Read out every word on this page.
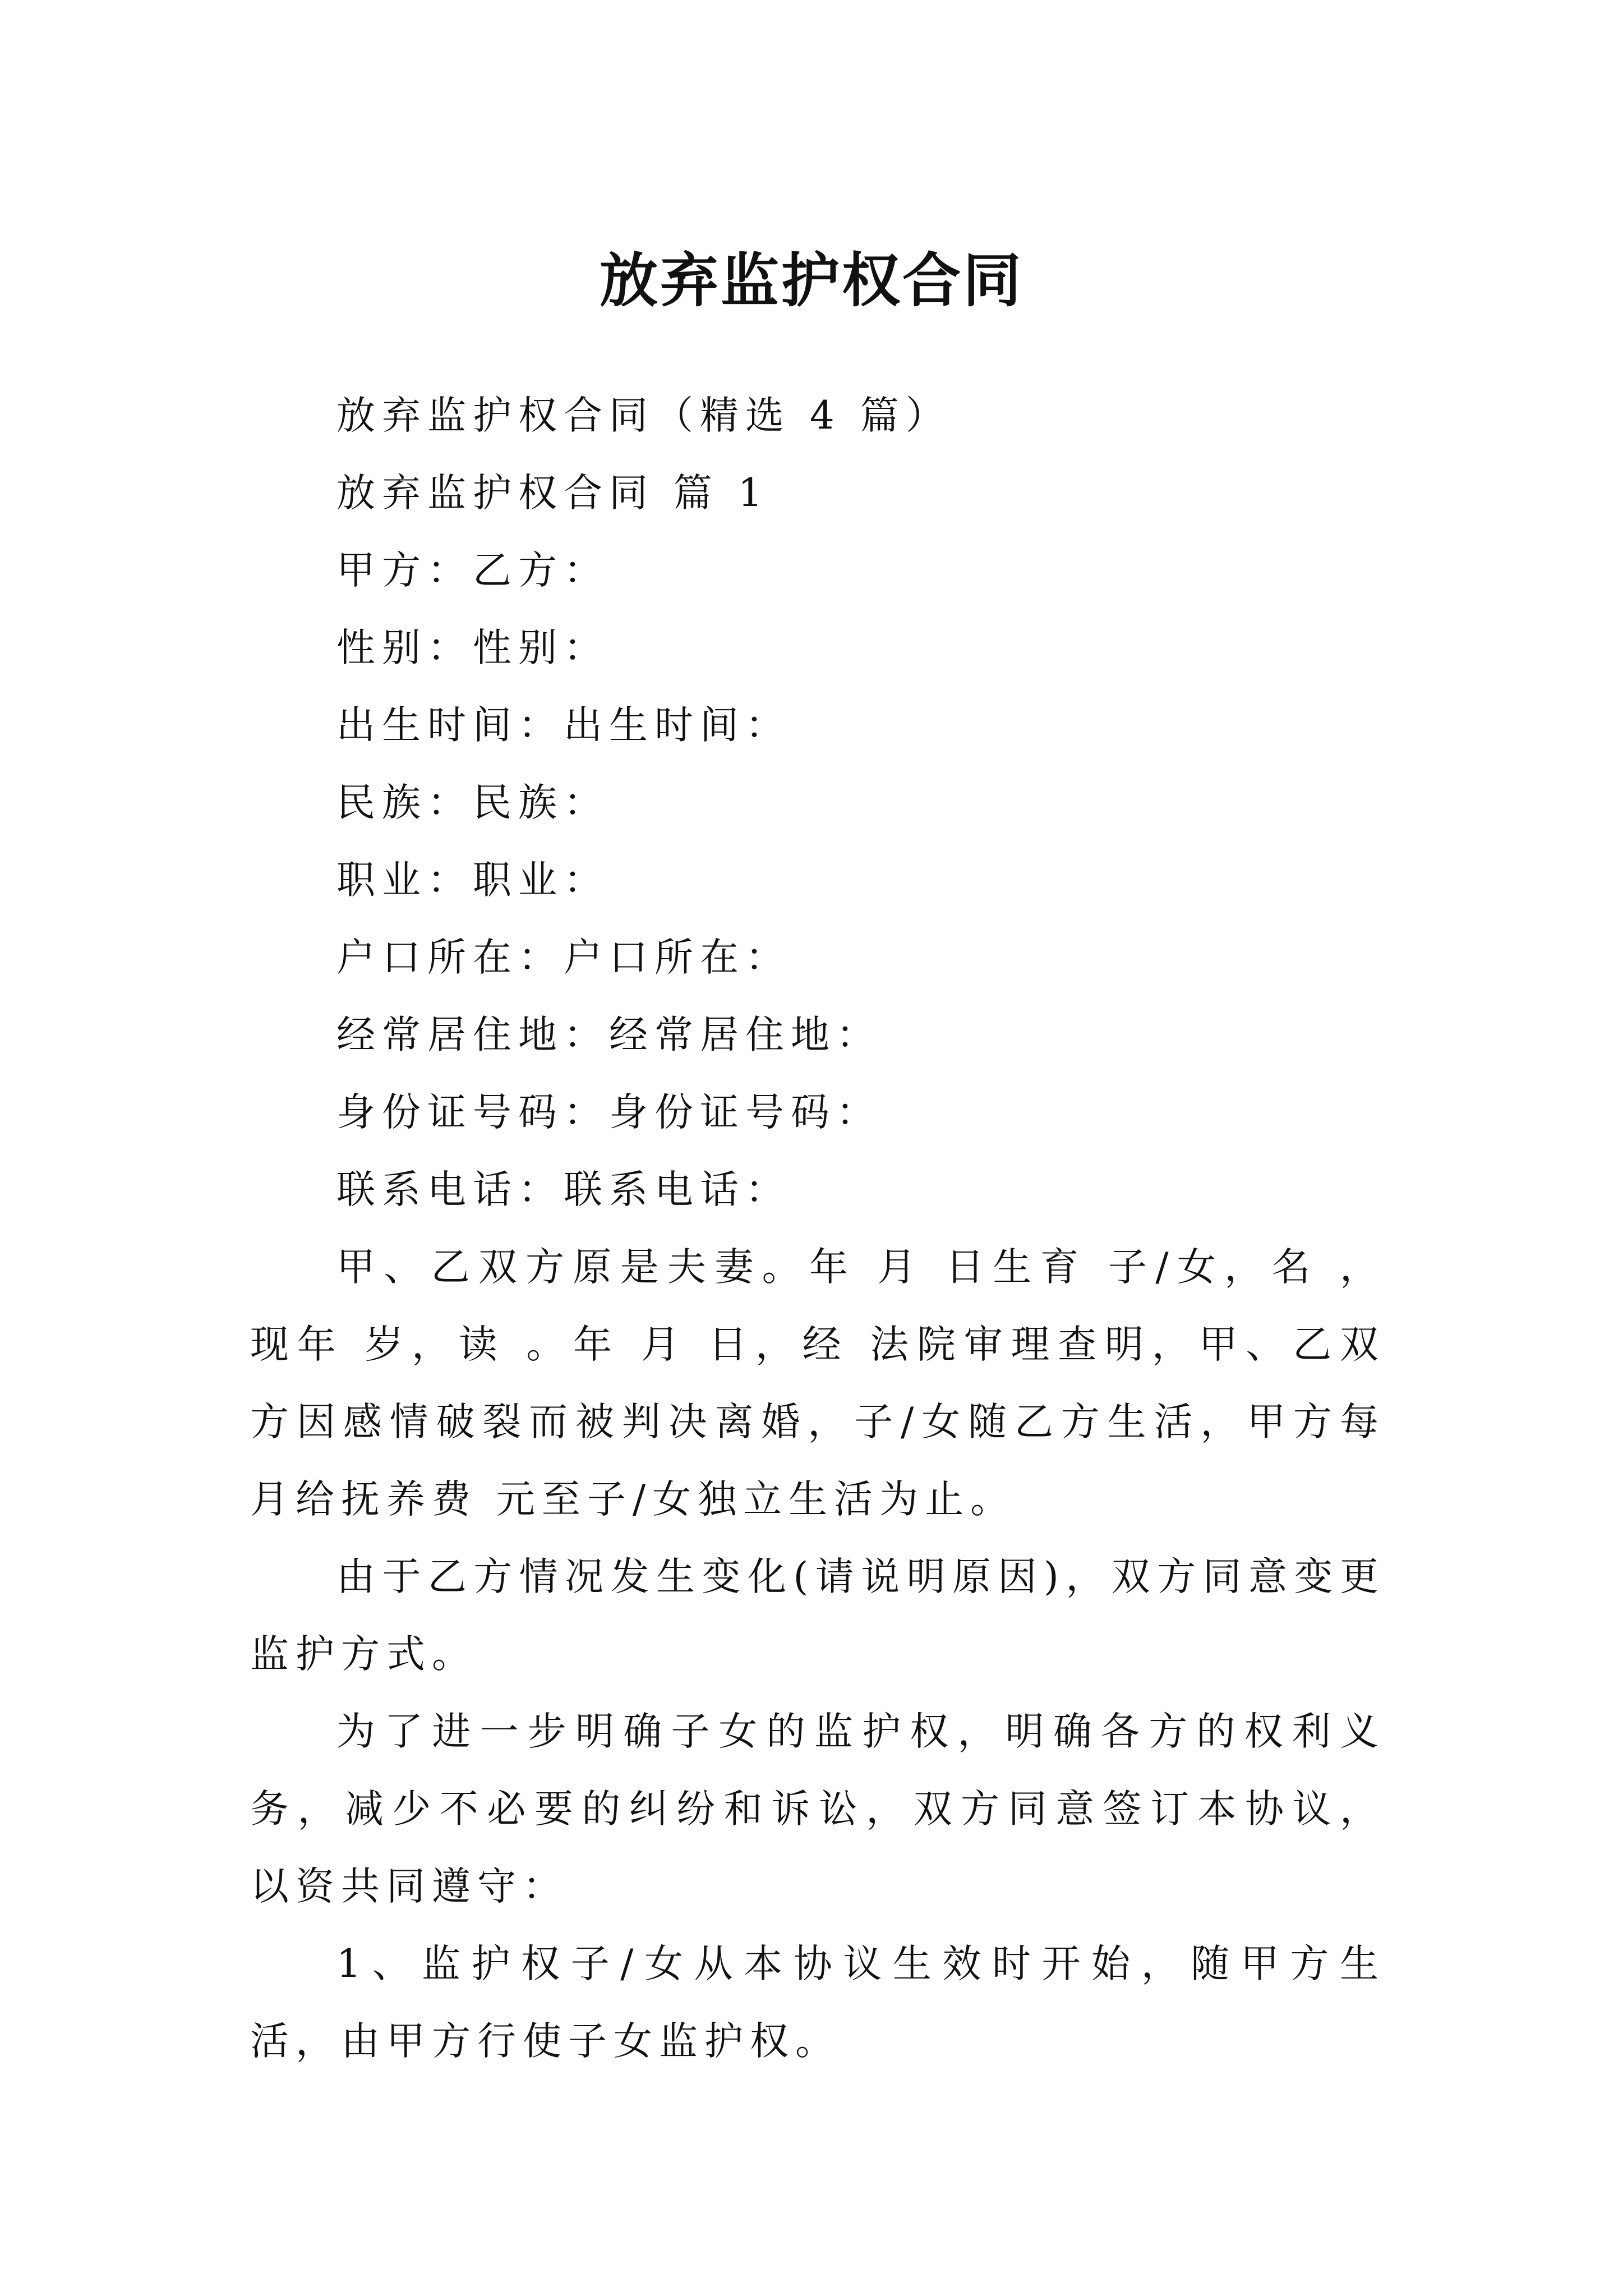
放弃监护权合同

放弃监护权合同（精选 4 篇）

放弃监护权合同 篇 1

甲方：乙方：

性别：性别：

出生时间：出生时间：

民族：民族：

职业：职业：

户口所在：户口所在：

经常居住地：经常居住地：

身份证号码：身份证号码：

联系电话：联系电话：

甲、乙双方原是夫妻。年 月 日生育 子/女，名 ，现年 岁，读 。年 月 日，经 法院审理查明，甲、乙双方因感情破裂而被判决离婚，子/女随乙方生活，甲方每月给抚养费 元至子/女独立生活为止。

由于乙方情况发生变化(请说明原因)，双方同意变更监护方式。

为了进一步明确子女的监护权，明确各方的权利义务，减少不必要的纠纷和诉讼，双方同意签订本协议，以资共同遵守：

1、监护权子/女从本协议生效时开始，随甲方生活，由甲方行使子女监护权。
